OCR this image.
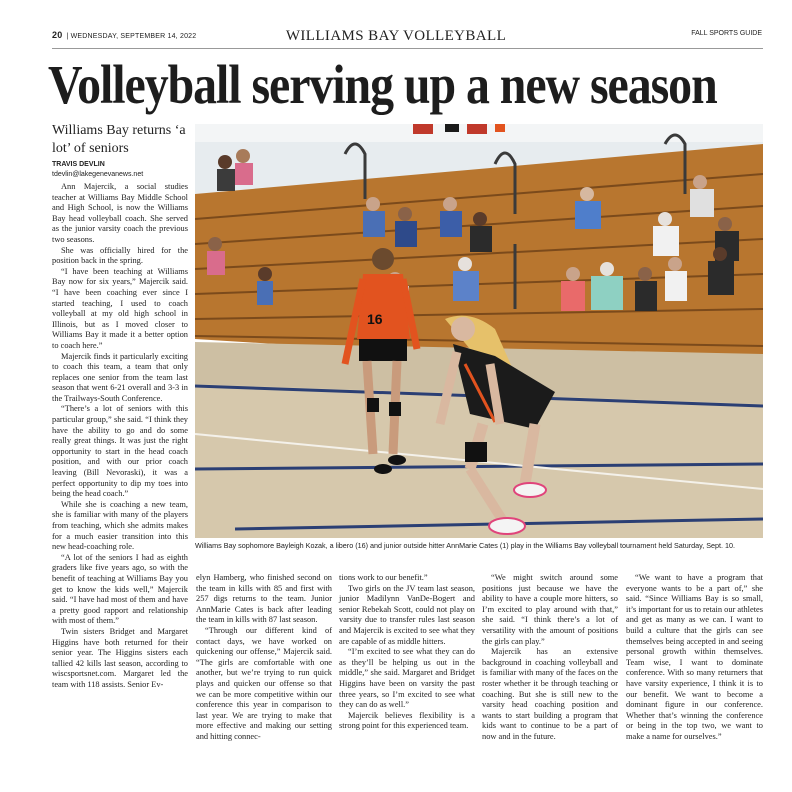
20 | WEDNESDAY, SEPTEMBER 14, 2022	WILLIAMS BAY VOLLEYBALL	FALL SPORTS GUIDE
Volleyball serving up a new season
Williams Bay returns ‘a lot’ of seniors
TRAVIS DEVLIN
tdevlin@lakegenevanews.net

Ann Majercik, a social studies teacher at Williams Bay Middle School and High School, is now the Williams Bay head volleyball coach. She served as the junior varsity coach the previous two seasons.

She was officially hired for the position back in the spring.

“I have been teaching at Williams Bay now for six years,” Majercik said. “I have been coaching ever since I started teaching, I used to coach volleyball at my old high school in Illinois, but as I moved closer to Williams Bay it made it a better option to coach here.”

Majercik finds it particularly exciting to coach this team, a team that only replaces one senior from the team last season that went 6-21 overall and 3-3 in the Trailways-South Conference.

“There’s a lot of seniors with this particular group,” she said. “I think they have the ability to go and do some really great things. It was just the right opportunity to start in the head coach position, and with our prior coach leaving (Bill Nevoraski), it was a perfect opportunity to dip my toes into being the head coach.”

While she is coaching a new team, she is familiar with many of the players from teaching, which she admits makes for a much easier transition into this new head-coaching role.

“A lot of the seniors I had as eighth graders like five years ago, so with the benefit of teaching at Williams Bay you get to know the kids well,” Majercik said. “I have had most of them and have a pretty good rapport and relationship with most of them.”

Twin sisters Bridget and Margaret Higgins have both returned for their senior year. The Higgins sisters each tallied 42 kills last season, according to wiscsportsnet.com. Margaret led the team with 118 assists. Senior Ev-

16
Williams Bay sophomore Bayleigh Kozak, a libero (16) and junior outside hitter AnnMarie Cates (1) play in the Williams Bay volleyball tournament held Saturday, Sept. 10.

elyn Hamberg, who finished second on the team in kills with 85 and first with 257 digs returns to the team. Junior AnnMarie Cates is back after leading the team in kills with 87 last season.

“Through our different kind of contact days, we have worked on quickening our offense,” Majercik said. “The girls are comfortable with one another, but we’re trying to run quick plays and quicken our offense so that we can be more competitive within our conference this year in comparison to last year. We are trying to make that more effective and making our setting and hitting connec-

tions work to our benefit.”

Two girls on the JV team last season, junior Madilynn VanDe-Bogert and senior Rebekah Scott, could not play on varsity due to transfer rules last season and Majercik is excited to see what they are capable of as middle hitters.

“I’m excited to see what they can do as they’ll be helping us out in the middle,” she said. Margaret and Bridget Higgins have been on varsity the past three years, so I’m excited to see what they can do as well.”

Majercik believes flexibility is a strong point for this experienced team.

“We might switch around some positions just because we have the ability to have a couple more hitters, so I’m excited to play around with that,” she said. “I think there’s a lot of versatility with the amount of positions the girls can play.”

Majercik has an extensive background in coaching volleyball and is familiar with many of the faces on the roster whether it be through teaching or coaching. But she is still new to the varsity head coaching position and wants to start building a program that kids want to continue to be a part of now and in the future.

“We want to have a program that everyone wants to be a part of,” she said. “Since Williams Bay is so small, it’s important for us to retain our athletes and get as many as we can. I want to build a culture that the girls can see themselves being accepted in and seeing personal growth within themselves. Team wise, I want to dominate conference. With so many returners that have varsity experience, I think it is to our benefit. We want to become a dominant figure in our conference. Whether that’s winning the conference or being in the top two, we want to make a name for ourselves.”
